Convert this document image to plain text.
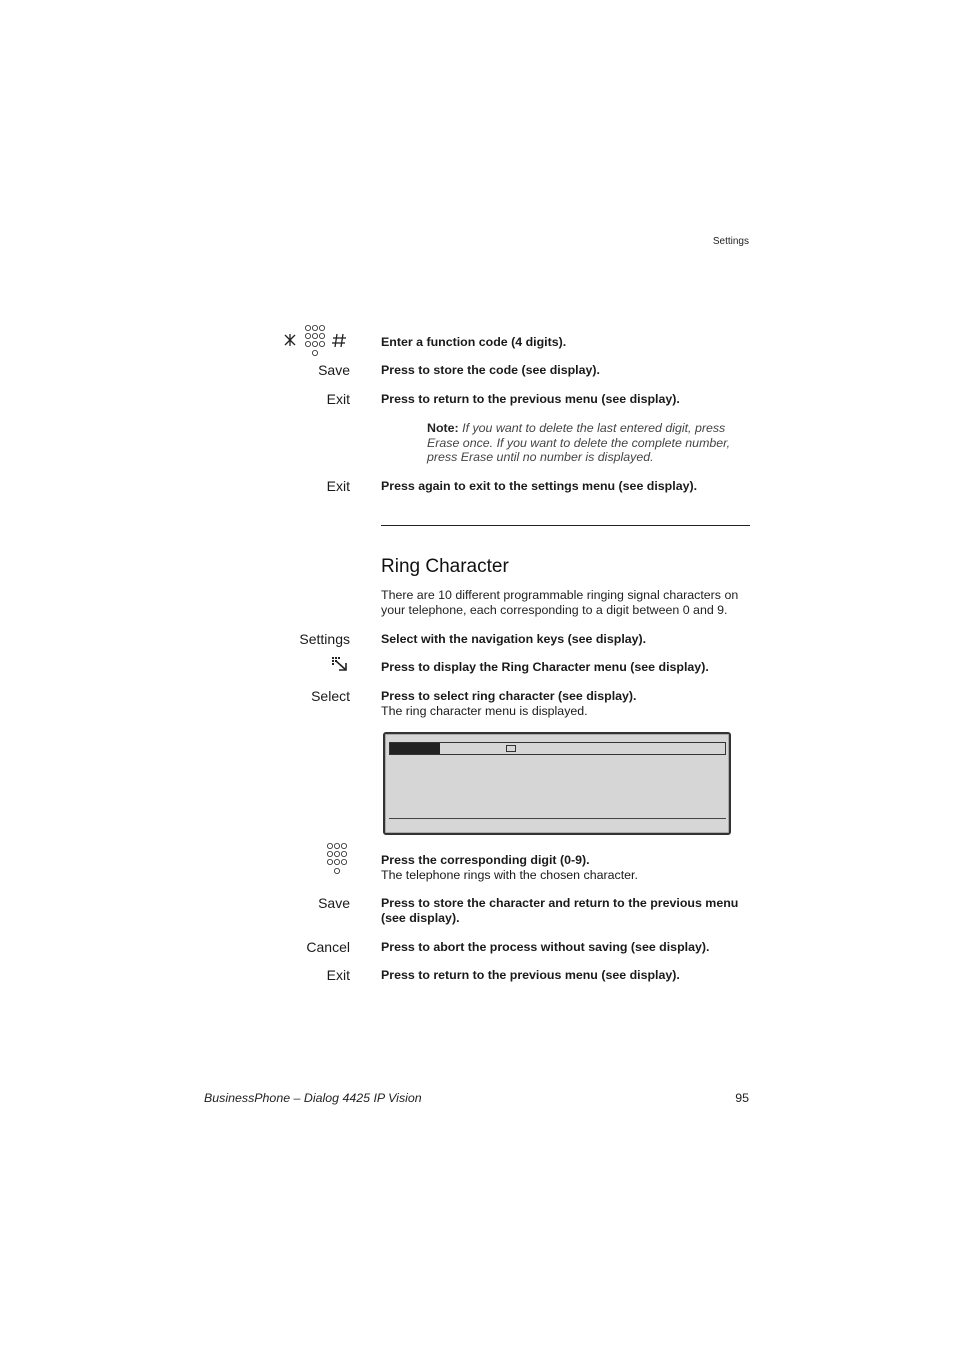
Settings
Enter a function code (4 digits).
Save	Press to store the code (see display).
Exit	Press to return to the previous menu (see display).
Note: If you want to delete the last entered digit, press Erase once. If you want to delete the complete number, press Erase until no number is displayed.
Exit	Press again to exit to the settings menu (see display).
Ring Character
There are 10 different programmable ringing signal characters on your telephone, each corresponding to a digit between 0 and 9.
Settings	Select with the navigation keys (see display).
Press to display the Ring Character menu (see display).
Select	Press to select ring character (see display).
The ring character menu is displayed.
Press the corresponding digit (0-9).
The telephone rings with the chosen character.
Save	Press to store the character and return to the previous menu (see display).
Cancel	Press to abort the process without saving (see display).
Exit	Press to return to the previous menu (see display).
BusinessPhone – Dialog 4425 IP Vision	95
